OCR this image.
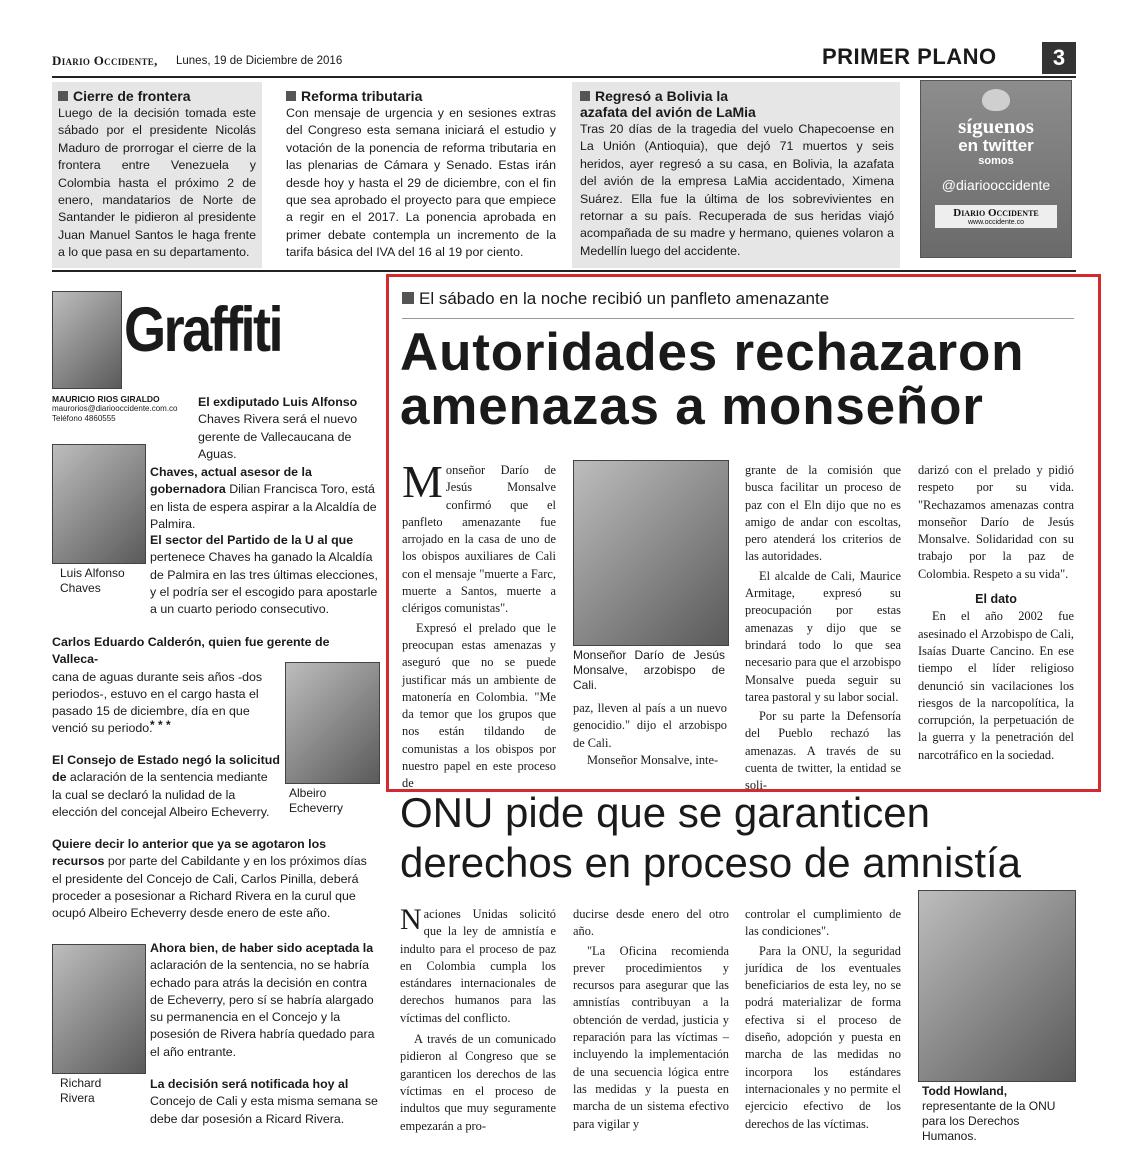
Diario Occidente, Lunes, 19 de Diciembre de 2016	PRIMER PLANO	3
Cierre de frontera

Luego de la decisión tomada este sábado por el presidente Nicolás Maduro de prorrogar el cierre de la frontera entre Venezuela y Colombia hasta el próximo 2 de enero, mandatarios de Norte de Santander le pidieron al presidente Juan Manuel Santos le haga frente a lo que pasa en su departamento.

Reforma tributaria

Con mensaje de urgencia y en sesiones extras del Congreso esta semana iniciará el estudio y votación de la ponencia de reforma tributaria en las plenarias de Cámara y Senado. Estas irán desde hoy y hasta el 29 de diciembre, con el fin que sea aprobado el proyecto para que empiece a regir en el 2017. La ponencia aprobada en primer debate contempla un incremento de la tarifa básica del IVA del 16 al 19 por ciento.

Regresó a Bolivia la azafata del avión de LaMia

Tras 20 días de la tragedia del vuelo Chapecoense en La Unión (Antioquia), que dejó 71 muertos y seis heridos, ayer regresó a su casa, en Bolivia, la azafata del avión de la empresa LaMia accidentado, Ximena Suárez. Ella fue la última de los sobrevivientes en retornar a su país. Recuperada de sus heridas viajó acompañada de su madre y hermano, quienes volaron a Medellín luego del accidente.

síguenos
en twitter
somos
@diariooccidente
Diario Occidente
www.occidente.co
Graffiti
MAURICIO RIOS GIRALDO
maurorios@diariooccidente.com.co
Teléfono 4860555
El exdiputado Luis Alfonso Chaves Rivera será el nuevo gerente de Vallecaucana de Aguas.
Luis Alfonso Chaves
Chaves, actual asesor de la gobernadora Dilian Francisca Toro, está en lista de espera aspirar a la Alcaldía de Palmira.
El sector del Partido de la U al que pertenece Chaves ha ganado la Alcaldía de Palmira en las tres últimas elecciones, y el podría ser el escogido para apostarle a un cuarto periodo consecutivo.
Carlos Eduardo Calderón, quien fue gerente de Valleca-
cana de aguas durante seis años -dos periodos-, estuvo en el cargo hasta el pasado 15 de diciembre, día en que venció su periodo.
Albeiro Echeverry
* * *
El Consejo de Estado negó la solicitud de aclaración de la sentencia mediante la cual se declaró la nulidad de la elección del concejal Albeiro Echeverry.
Quiere decir lo anterior que ya se agotaron los recursos por parte del Cabildante y en los próximos días el presidente del Concejo de Cali, Carlos Pinilla, deberá proceder a posesionar a Richard Rivera en la curul que ocupó Albeiro Echeverry desde enero de este año.
Richard Rivera
Ahora bien, de haber sido aceptada la aclaración de la sentencia, no se habría echado para atrás la decisión en contra de Echeverry, pero sí se habría alargado su permanencia en el Concejo y la posesión de Rivera habría quedado para el año entrante.
La decisión será notificada hoy al Concejo de Cali y esta misma semana se debe dar posesión a Ricard Rivera.
El sábado en la noche recibió un panfleto amenazante
Autoridades rechazaron
amenazas a monseñor

Monseñor Darío de Jesús Monsalve confirmó que el panfleto amenazante fue arrojado en la casa de uno de los obispos auxiliares de Cali con el mensaje "muerte a Farc, muerte a Santos, muerte a clérigos comunistas".

Expresó el prelado que le preocupan estas amenazas y aseguró que no se puede justificar más un ambiente de matonería en Colombia. "Me da temor que los grupos que nos están tildando de comunistas a los obispos por nuestro papel en este proceso de

Monseñor Darío de Jesús Monsalve, arzobispo de Cali.

paz, lleven al país a un nuevo genocidio." dijo el arzobispo de Cali.

Monseñor Monsalve, inte-

grante de la comisión que busca facilitar un proceso de paz con el Eln dijo que no es amigo de andar con escoltas, pero atenderá los criterios de las autoridades.

El alcalde de Cali, Maurice Armitage, expresó su preocupación por estas amenazas y dijo que se brindará todo lo que sea necesario para que el arzobispo Monsalve pueda seguir su tarea pastoral y su labor social.

Por su parte la Defensoría del Pueblo rechazó las amenazas. A través de su cuenta de twitter, la entidad se soli-

darizó con el prelado y pidió respeto por su vida. "Rechazamos amenazas contra monseñor Darío de Jesús Monsalve. Solidaridad con su trabajo por la paz de Colombia. Respeto a su vida".

El dato

En el año 2002 fue asesinado el Arzobispo de Cali, Isaías Duarte Cancino. En ese tiempo el líder religioso denunció sin vacilaciones los riesgos de la narcopolítica, la corrupción, la perpetuación de la guerra y la penetración del narcotráfico en la sociedad.

ONU pide que se garanticen
derechos en proceso de amnistía

Naciones Unidas solicitó que la ley de amnistía e indulto para el proceso de paz en Colombia cumpla los estándares internacionales de derechos humanos para las víctimas del conflicto.

A través de un comunicado pidieron al Congreso que se garanticen los derechos de las víctimas en el proceso de indultos que muy seguramente empezarán a pro-

ducirse desde enero del otro año.

"La Oficina recomienda prever procedimientos y recursos para asegurar que las amnistías contribuyan a la obtención de verdad, justicia y reparación para las víctimas – incluyendo la implementación de una secuencia lógica entre las medidas y la puesta en marcha de un sistema efectivo para vigilar y

controlar el cumplimiento de las condiciones".

Para la ONU, la seguridad jurídica de los eventuales beneficiarios de esta ley, no se podrá materializar de forma efectiva si el proceso de diseño, adopción y puesta en marcha de las medidas no incorpora los estándares internacionales y no permite el ejercicio efectivo de los derechos de las víctimas.

Todd Howland, representante de la ONU para los Derechos Humanos.
